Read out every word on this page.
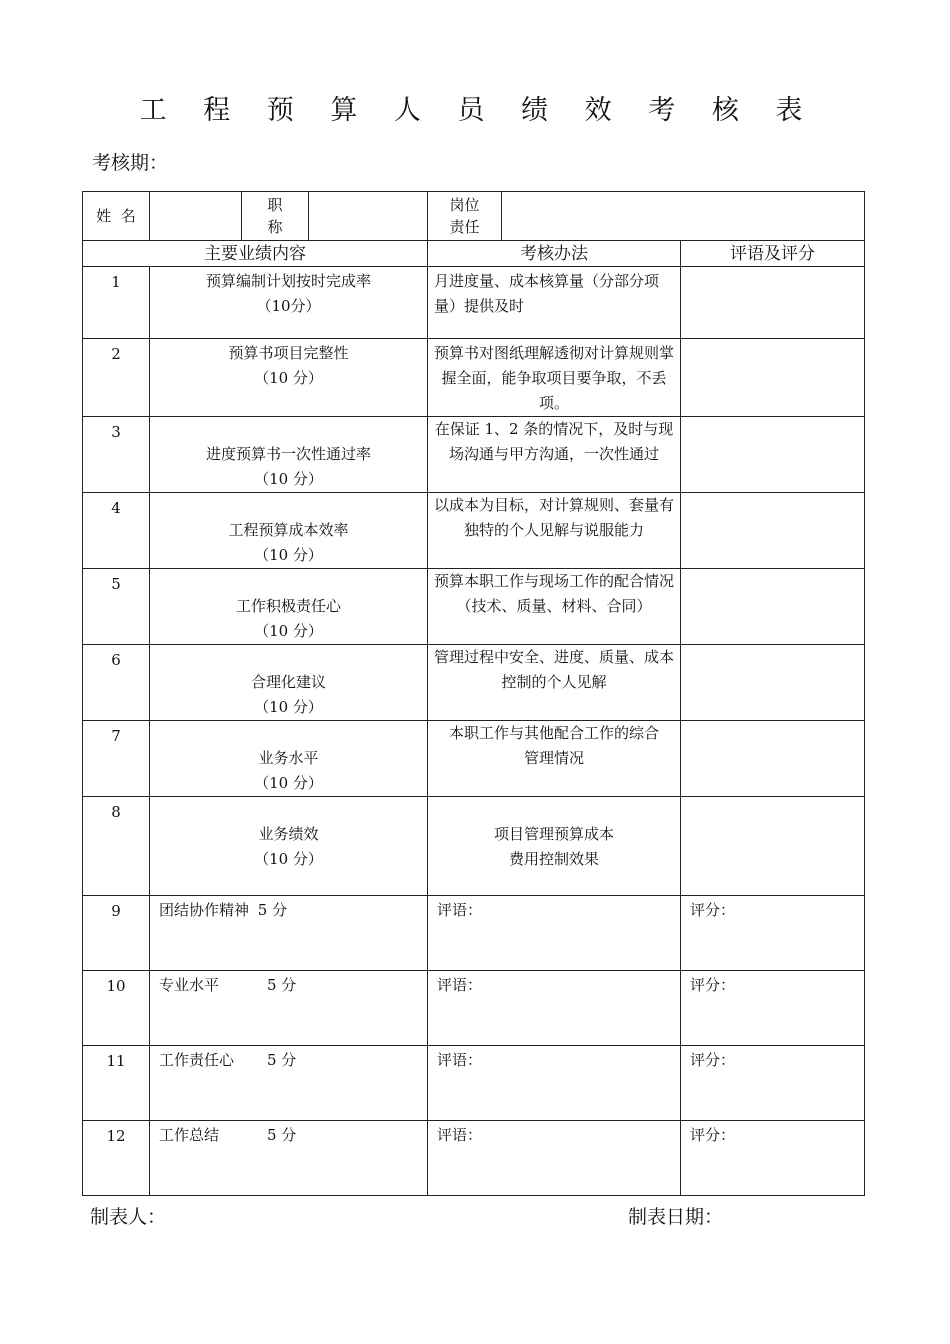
工 程 预 算 人 员 绩 效 考 核 表
考核期：
姓  名		职
称		岗位
责任		

主要业绩内容				考核办法		评语及评分
1	预算编制计划按时完成率
（10分）			月进度量、成本核算量（分部分项量）提供及时		
2	预算书项目完整性
（10 分）			预算书对图纸理解透彻对计算规则掌握全面，能争取项目要争取，不丢项。		
3	进度预算书一次性通过率
（10 分）			在保证 1、2 条的情况下，及时与现场沟通与甲方沟通，一次性通过		
4	工程预算成本效率
（10 分）			以成本为目标，对计算规则、套量有独特的个人见解与说服能力		
5	工作积极责任心
（10 分）			预算本职工作与现场工作的配合情况（技术、质量、材料、合同）		
6	合理化建议
（10 分）			管理过程中安全、进度、质量、成本控制的个人见解		
7	业务水平
（10 分）			本职工作与其他配合工作的综合管理情况		
8	业务绩效
（10 分）			项目管理预算成本
费用控制效果		

9	团结协作精神 5 分			评语：		评分：
10	专业水平 5 分			评语：		评分：
11	工作责任心 5 分			评语：		评分：
12	工作总结 5 分			评语：		评分：
制表人：	制表日期：
